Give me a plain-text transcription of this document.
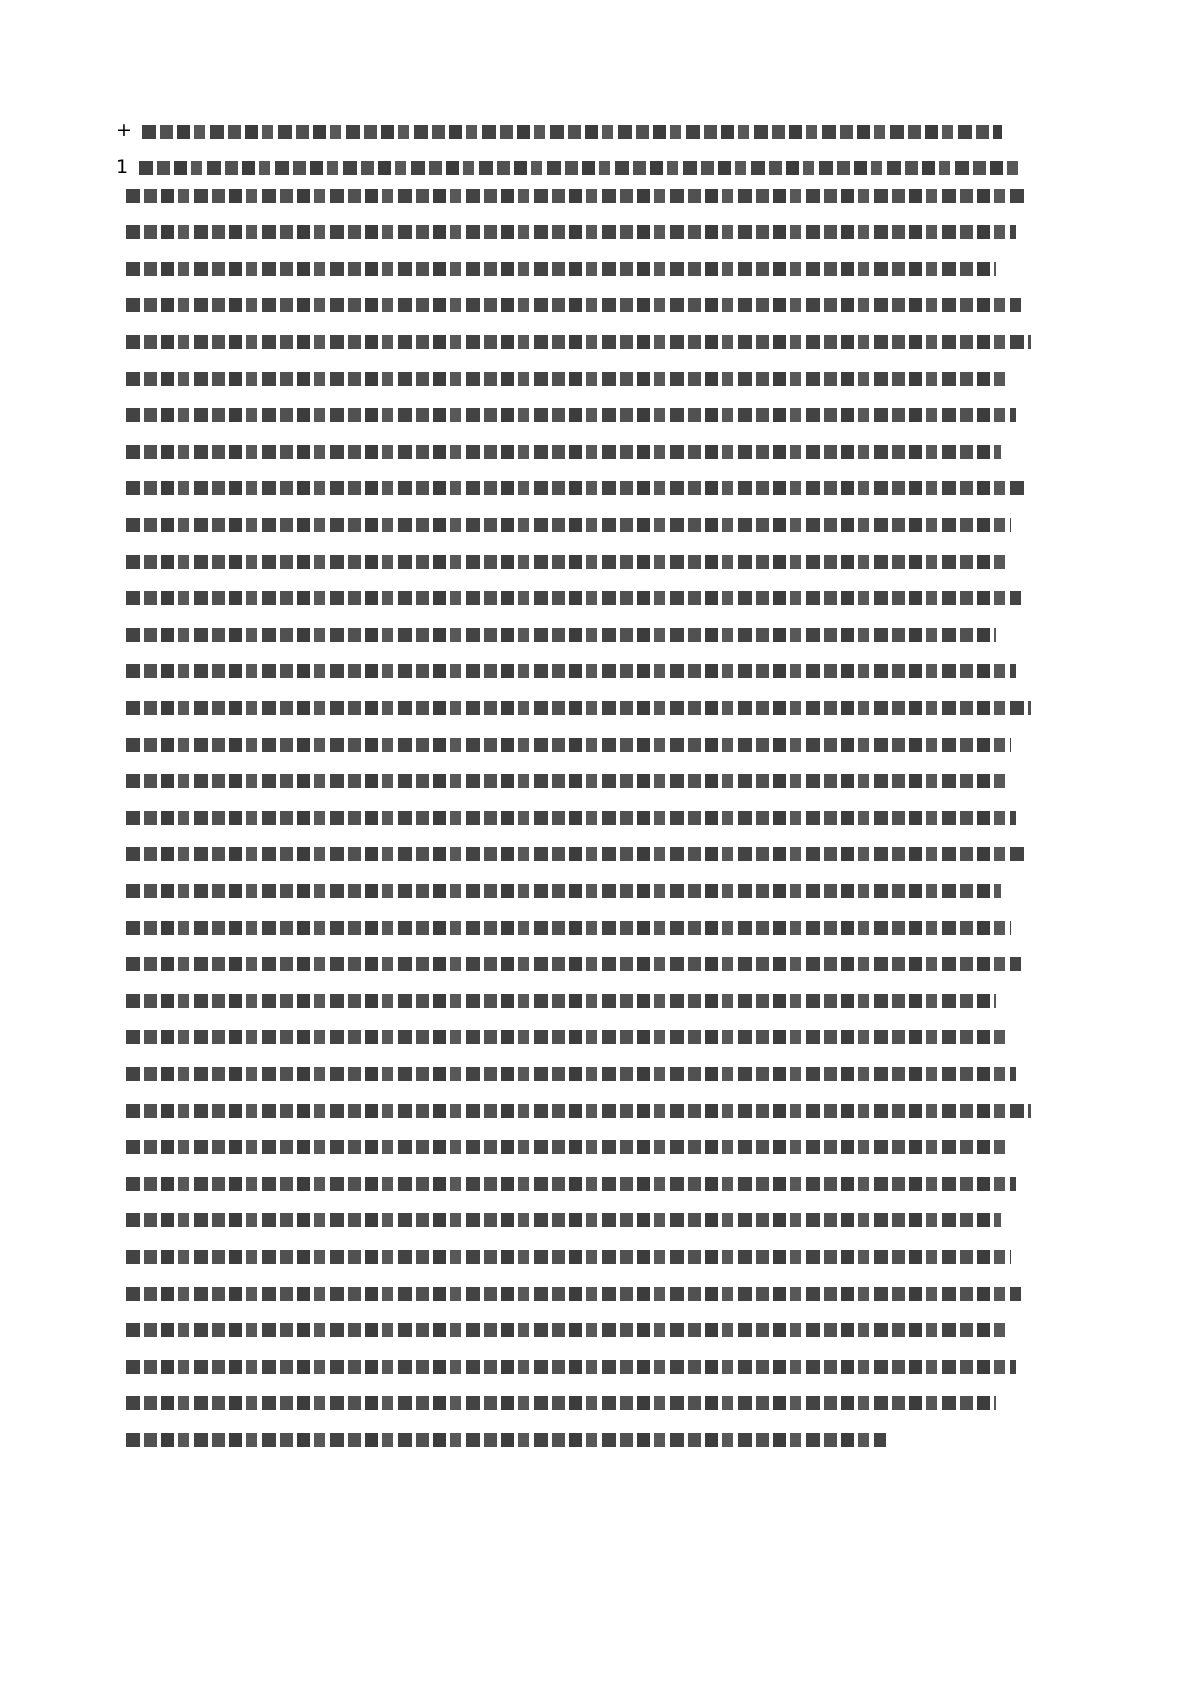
+
1
